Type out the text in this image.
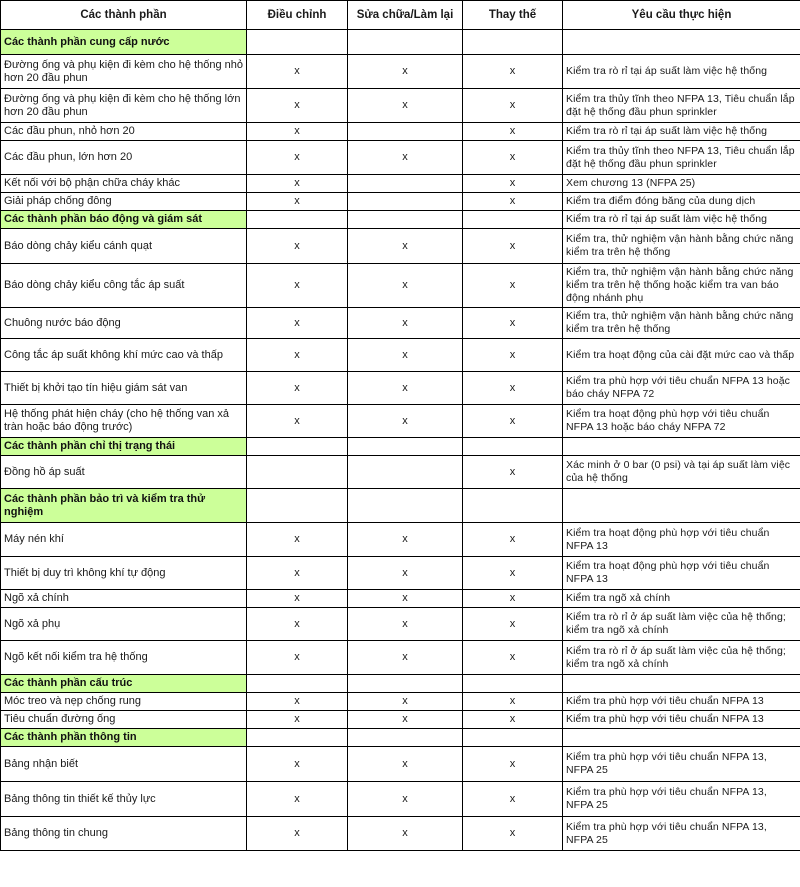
Các thành phần	Điều chỉnh	Sửa chữa/Làm lại	Thay thế	Yêu cầu thực hiện
Các thành phần cung cấp nước				
Đường ống và phụ kiện đi kèm cho hệ thống nhỏ hơn 20 đầu phun	x	x	x	Kiểm tra rò rỉ tại áp suất làm việc hệ thống
Đường ống và phụ kiện đi kèm cho hệ thống lớn hơn 20 đầu phun	x	x	x	Kiểm tra thủy tĩnh theo NFPA 13, Tiêu chuẩn lắp đặt hệ thống đầu phun sprinkler
Các đầu phun, nhỏ hơn 20	x		x	Kiểm tra rò rỉ tại áp suất làm việc hệ thống
Các đầu phun, lớn hơn 20	x	x	x	Kiểm tra thủy tĩnh theo NFPA 13, Tiêu chuẩn lắp đặt hệ thống đầu phun sprinkler
Kết nối với bộ phận chữa cháy khác	x		x	Xem chương 13 (NFPA 25)
Giải pháp chống đông	x		x	Kiểm tra điểm đóng băng của dung dịch
Các thành phần báo động và giám sát				Kiểm tra rò rỉ tại áp suất làm việc hệ thống
Báo dòng chảy kiểu cánh quạt	x	x	x	Kiểm tra, thử nghiệm vận hành bằng chức năng kiểm tra trên hệ thống
Báo dòng chảy kiểu công tắc áp suất	x	x	x	Kiểm tra, thử nghiệm vận hành bằng chức năng kiểm tra trên hệ thống hoặc kiểm tra van báo động nhánh phụ
Chuông nước báo động	x	x	x	Kiểm tra, thử nghiệm vận hành bằng chức năng kiểm tra trên hệ thống
Công tắc áp suất không khí mức cao và thấp	x	x	x	Kiểm tra hoạt động của cài đặt mức cao và thấp
Thiết bị khởi tạo tín hiệu giám sát van	x	x	x	Kiểm tra phù hợp với tiêu chuẩn NFPA 13 hoặc báo cháy NFPA 72
Hệ thống phát hiện cháy (cho hệ thống van xả tràn hoặc báo động trước)	x	x	x	Kiểm tra hoạt động phù hợp với tiêu chuẩn NFPA 13 hoặc báo cháy NFPA 72
Các thành phần chỉ thị trạng thái				
Đồng hồ áp suất			x	Xác minh ở 0 bar (0 psi) và tại áp suất làm việc của hệ thống
Các thành phần bảo trì và kiểm tra thử nghiệm				
Máy nén khí	x	x	x	Kiểm tra hoạt động phù hợp với tiêu chuẩn NFPA 13
Thiết bị duy trì không khí tự động	x	x	x	Kiểm tra hoạt động phù hợp với tiêu chuẩn NFPA 13
Ngõ xả chính	x	x	x	Kiểm tra ngõ xả chính
Ngõ xả phụ	x	x	x	Kiểm tra rò rỉ ở áp suất làm việc của hệ thống; kiểm tra ngõ xả chính
Ngõ kết nối kiểm tra hệ thống	x	x	x	Kiểm tra rò rỉ ở áp suất làm việc của hệ thống; kiểm tra ngõ xả chính
Các thành phần cấu trúc				
Móc treo và nẹp chống rung	x	x	x	Kiểm tra phù hợp với tiêu chuẩn NFPA 13
Tiêu chuẩn đường ống	x	x	x	Kiểm tra phù hợp với tiêu chuẩn NFPA 13
Các thành phần thông tin				
Bảng nhận biết	x	x	x	Kiểm tra phù hợp với tiêu chuẩn NFPA 13, NFPA 25
Bảng thông tin thiết kế thủy lực	x	x	x	Kiểm tra phù hợp với tiêu chuẩn NFPA 13, NFPA 25
Bảng thông tin chung	x	x	x	Kiểm tra phù hợp với tiêu chuẩn NFPA 13, NFPA 25
